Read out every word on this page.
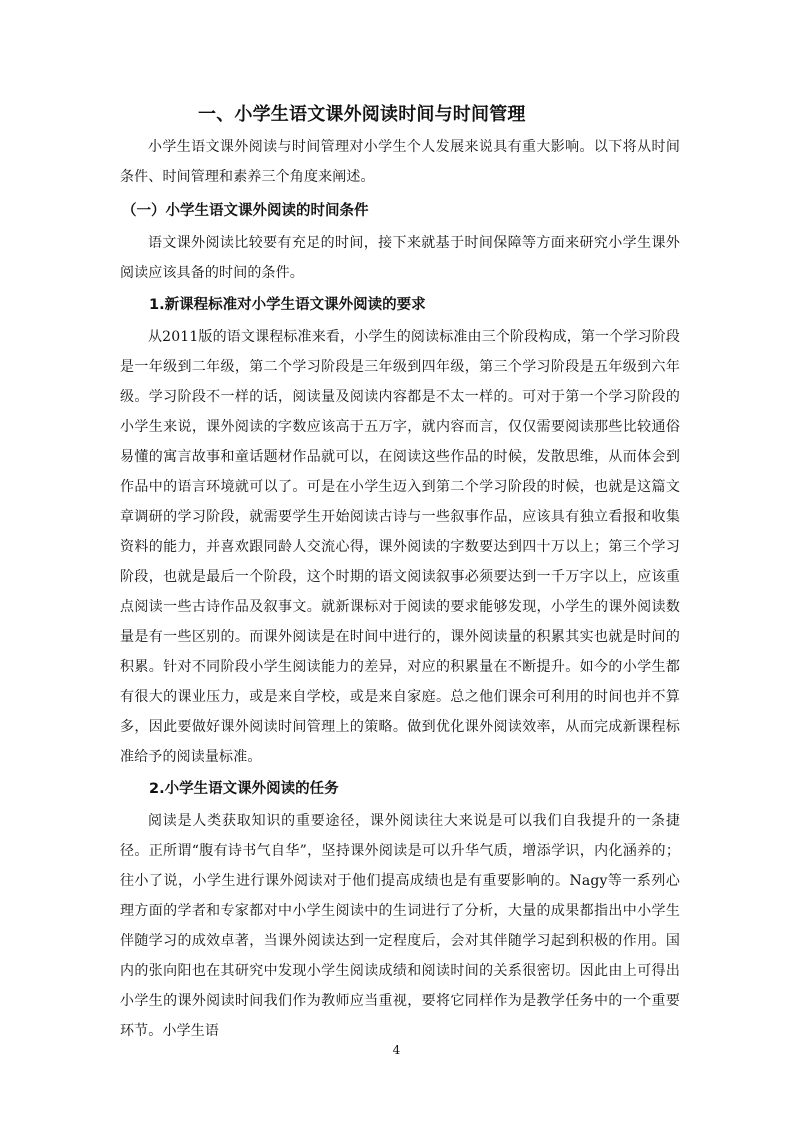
一、小学生语文课外阅读时间与时间管理

小学生语文课外阅读与时间管理对小学生个人发展来说具有重大影响。以下将从时间条件、时间管理和素养三个角度来阐述。

（一）小学生语文课外阅读的时间条件

语文课外阅读比较要有充足的时间，接下来就基于时间保障等方面来研究小学生课外阅读应该具备的时间的条件。

1.新课程标准对小学生语文课外阅读的要求

从2011版的语文课程标准来看，小学生的阅读标准由三个阶段构成，第一个学习阶段是一年级到二年级，第二个学习阶段是三年级到四年级，第三个学习阶段是五年级到六年级。学习阶段不一样的话，阅读量及阅读内容都是不太一样的。可对于第一个学习阶段的小学生来说，课外阅读的字数应该高于五万字，就内容而言，仅仅需要阅读那些比较通俗易懂的寓言故事和童话题材作品就可以，在阅读这些作品的时候，发散思维，从而体会到作品中的语言环境就可以了。可是在小学生迈入到第二个学习阶段的时候，也就是这篇文章调研的学习阶段，就需要学生开始阅读古诗与一些叙事作品，应该具有独立看报和收集资料的能力，并喜欢跟同龄人交流心得，课外阅读的字数要达到四十万以上；第三个学习阶段，也就是最后一个阶段，这个时期的语文阅读叙事必须要达到一千万字以上，应该重点阅读一些古诗作品及叙事文。就新课标对于阅读的要求能够发现，小学生的课外阅读数量是有一些区别的。而课外阅读是在时间中进行的，课外阅读量的积累其实也就是时间的积累。针对不同阶段小学生阅读能力的差异，对应的积累量在不断提升。如今的小学生都有很大的课业压力，或是来自学校，或是来自家庭。总之他们课余可利用的时间也并不算多，因此要做好课外阅读时间管理上的策略。做到优化课外阅读效率，从而完成新课程标准给予的阅读量标准。

2.小学生语文课外阅读的任务

阅读是人类获取知识的重要途径，课外阅读往大来说是可以我们自我提升的一条捷径。正所谓“腹有诗书气自华”，坚持课外阅读是可以升华气质，增添学识，内化涵养的；往小了说，小学生进行课外阅读对于他们提高成绩也是有重要影响的。Nagy等一系列心理方面的学者和专家都对中小学生阅读中的生词进行了分析，大量的成果都指出中小学生伴随学习的成效卓著，当课外阅读达到一定程度后，会对其伴随学习起到积极的作用。国内的张向阳也在其研究中发现小学生阅读成绩和阅读时间的关系很密切。因此由上可得出小学生的课外阅读时间我们作为教师应当重视，要将它同样作为是教学任务中的一个重要环节。小学生语

4
